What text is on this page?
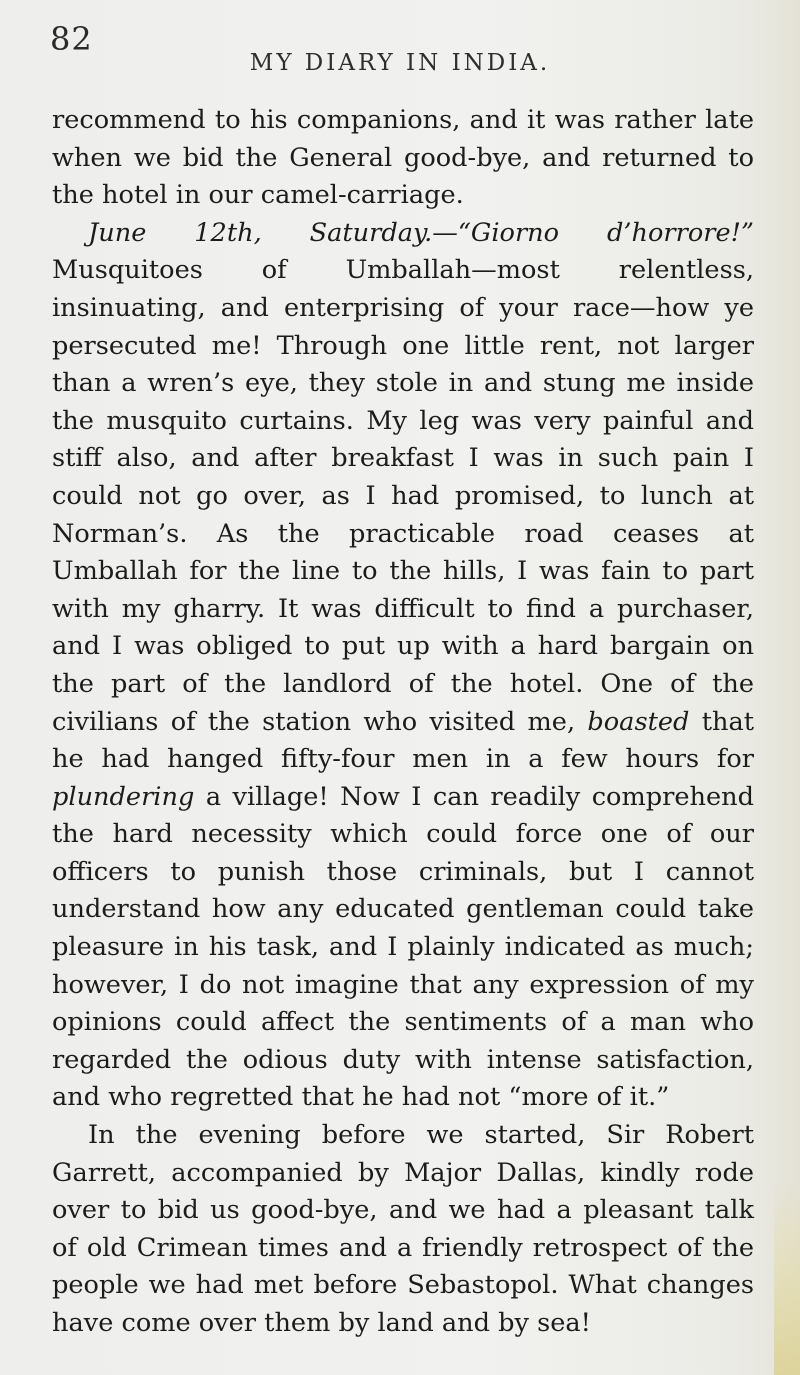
82
MY DIARY IN INDIA.

recommend to his companions, and it was rather late when we bid the General good-bye, and returned to the hotel in our camel-carriage.

June 12th, Saturday.—“Giorno d’horrore!” Musquitoes of Umballah—most relentless, insinuating, and enterprising of your race—how ye persecuted me! Through one little rent, not larger than a wren’s eye, they stole in and stung me inside the musquito curtains. My leg was very painful and stiff also, and after breakfast I was in such pain I could not go over, as I had promised, to lunch at Norman’s. As the practicable road ceases at Umballah for the line to the hills, I was fain to part with my gharry. It was difficult to find a purchaser, and I was obliged to put up with a hard bargain on the part of the landlord of the hotel. One of the civilians of the station who visited me, boasted that he had hanged fifty-four men in a few hours for plundering a village! Now I can readily comprehend the hard necessity which could force one of our officers to punish those criminals, but I cannot understand how any educated gentleman could take pleasure in his task, and I plainly indicated as much; however, I do not imagine that any expression of my opinions could affect the sentiments of a man who regarded the odious duty with intense satisfaction, and who regretted that he had not “more of it.”

In the evening before we started, Sir Robert Garrett, accompanied by Major Dallas, kindly rode over to bid us good-bye, and we had a pleasant talk of old Crimean times and a friendly retrospect of the people we had met before Sebastopol. What changes have come over them by land and by sea!
